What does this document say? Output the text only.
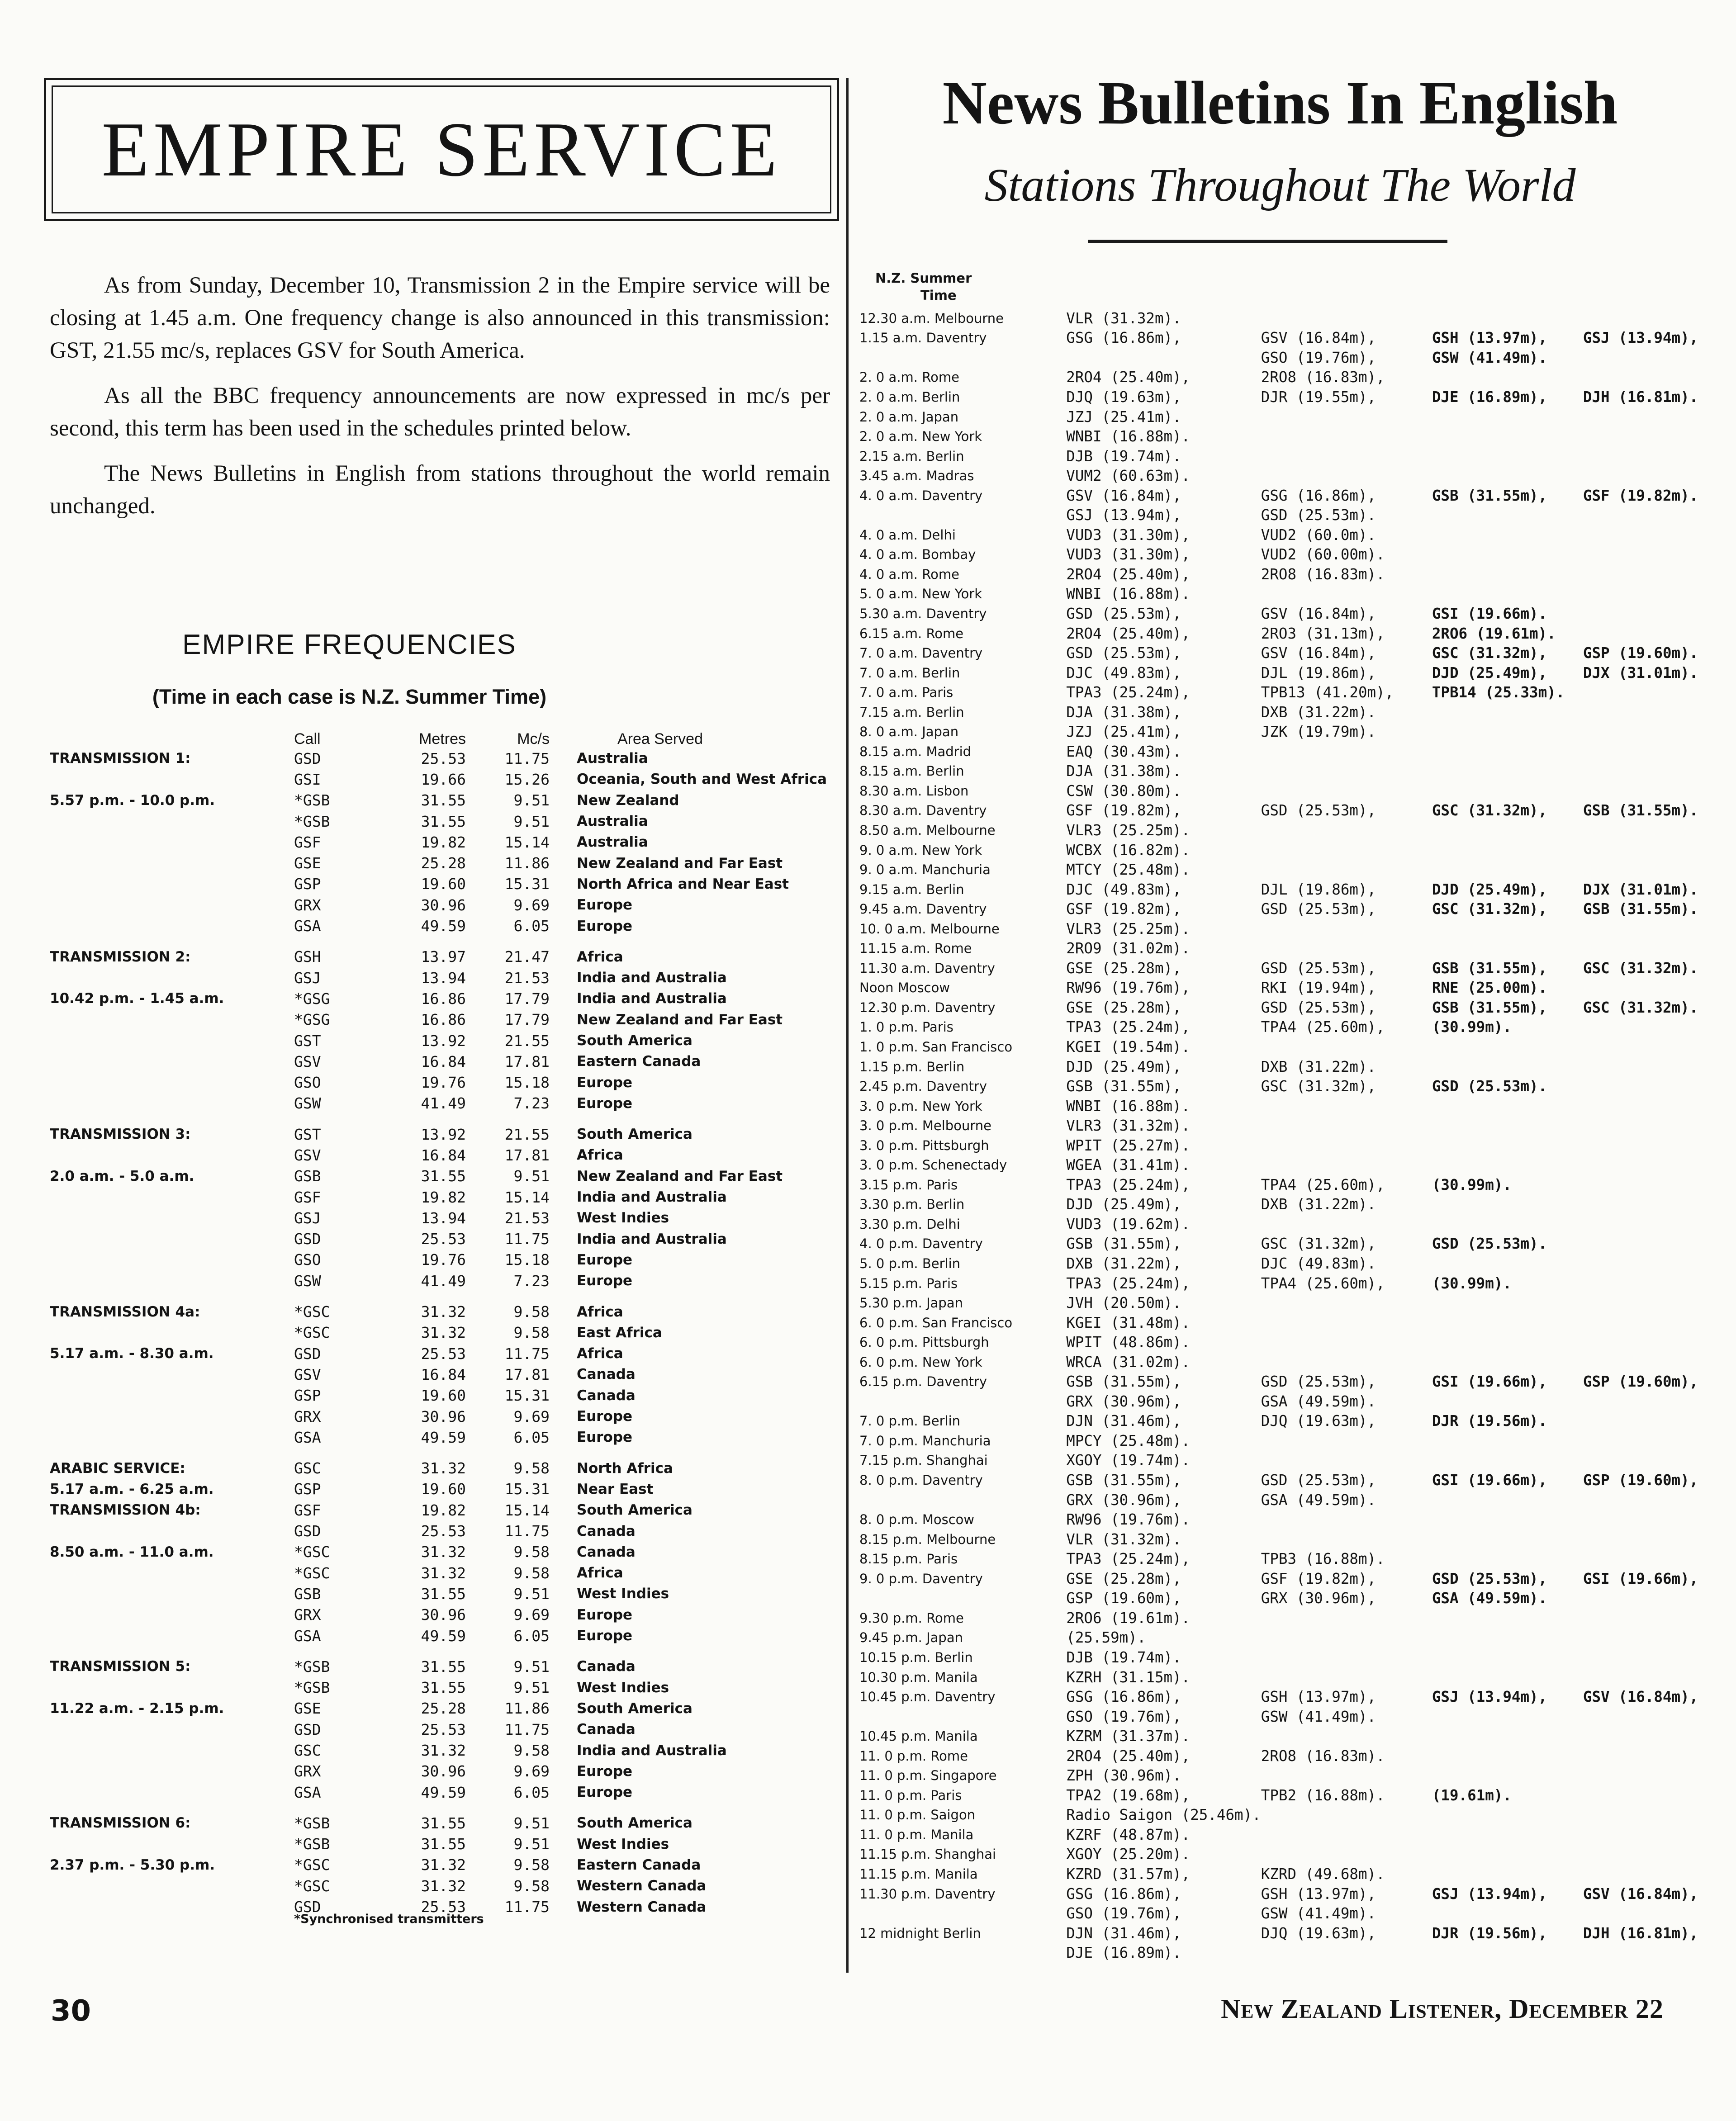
EMPIRE SERVICE

As from Sunday, December 10, Transmission 2 in the Empire service will be closing at 1.45 a.m. One frequency change is also announced in this transmission: GST, 21.55 mc/s, replaces GSV for South America.

As all the BBC frequency announcements are now expressed in mc/s per second, this term has been used in the schedules printed below.

The News Bulletins in English from stations throughout the world remain unchanged.

EMPIRE FREQUENCIES
(Time in each case is N.Z. Summer Time)
	Call	Metres	Mc/s	Area Served
TRANSMISSION 1:	GSD	25.53	11.75	Australia
	GSI	19.66	15.26	Oceania, South and West Africa
5.57 p.m. - 10.0 p.m.	*GSB	31.55	9.51	New Zealand
	*GSB	31.55	9.51	Australia
	GSF	19.82	15.14	Australia
	GSE	25.28	11.86	New Zealand and Far East
	GSP	19.60	15.31	North Africa and Near East
	GRX	30.96	9.69	Europe
	GSA	49.59	6.05	Europe
TRANSMISSION 2:	GSH	13.97	21.47	Africa
	GSJ	13.94	21.53	India and Australia
10.42 p.m. - 1.45 a.m.	*GSG	16.86	17.79	India and Australia
	*GSG	16.86	17.79	New Zealand and Far East
	GST	13.92	21.55	South America
	GSV	16.84	17.81	Eastern Canada
	GSO	19.76	15.18	Europe
	GSW	41.49	7.23	Europe
TRANSMISSION 3:	GST	13.92	21.55	South America
	GSV	16.84	17.81	Africa
2.0 a.m. - 5.0 a.m.	GSB	31.55	9.51	New Zealand and Far East
	GSF	19.82	15.14	India and Australia
	GSJ	13.94	21.53	West Indies
	GSD	25.53	11.75	India and Australia
	GSO	19.76	15.18	Europe
	GSW	41.49	7.23	Europe
TRANSMISSION 4a:	*GSC	31.32	9.58	Africa
	*GSC	31.32	9.58	East Africa
5.17 a.m. - 8.30 a.m.	GSD	25.53	11.75	Africa
	GSV	16.84	17.81	Canada
	GSP	19.60	15.31	Canada
	GRX	30.96	9.69	Europe
	GSA	49.59	6.05	Europe
ARABIC SERVICE:	GSC	31.32	9.58	North Africa
5.17 a.m. - 6.25 a.m.	GSP	19.60	15.31	Near East
TRANSMISSION 4b:	GSF	19.82	15.14	South America
	GSD	25.53	11.75	Canada
8.50 a.m. - 11.0 a.m.	*GSC	31.32	9.58	Canada
	*GSC	31.32	9.58	Africa
	GSB	31.55	9.51	West Indies
	GRX	30.96	9.69	Europe
	GSA	49.59	6.05	Europe
TRANSMISSION 5:	*GSB	31.55	9.51	Canada
	*GSB	31.55	9.51	West Indies
11.22 a.m. - 2.15 p.m.	GSE	25.28	11.86	South America
	GSD	25.53	11.75	Canada
	GSC	31.32	9.58	India and Australia
	GRX	30.96	9.69	Europe
	GSA	49.59	6.05	Europe
TRANSMISSION 6:	*GSB	31.55	9.51	South America
	*GSB	31.55	9.51	West Indies
2.37 p.m. - 5.30 p.m.	*GSC	31.32	9.58	Eastern Canada
	*GSC	31.32	9.58	Western Canada
	GSD	25.53	11.75	Western Canada
*Synchronised transmitters
News Bulletins In English
Stations Throughout The World
N.Z. Summer
Time
12.30 a.m. Melbourne	VLR (31.32m).			
1.15 a.m. Daventry	GSG (16.86m),	GSV (16.84m),	GSH (13.97m),	GSJ (13.94m),
		GSO (19.76m),	GSW (41.49m).	
2. 0 a.m. Rome	2RO4 (25.40m),	2RO8 (16.83m),		
2. 0 a.m. Berlin	DJQ (19.63m),	DJR (19.55m),	DJE (16.89m),	DJH (16.81m).
2. 0 a.m. Japan	JZJ (25.41m).			
2. 0 a.m. New York	WNBI (16.88m).			
2.15 a.m. Berlin	DJB (19.74m).			
3.45 a.m. Madras	VUM2 (60.63m).			
4. 0 a.m. Daventry	GSV (16.84m),	GSG (16.86m),	GSB (31.55m),	GSF (19.82m).
	GSJ (13.94m),	GSD (25.53m).		
4. 0 a.m. Delhi	VUD3 (31.30m),	VUD2 (60.0m).		
4. 0 a.m. Bombay	VUD3 (31.30m),	VUD2 (60.00m).		
4. 0 a.m. Rome	2RO4 (25.40m),	2RO8 (16.83m).		
5. 0 a.m. New York	WNBI (16.88m).			
5.30 a.m. Daventry	GSD (25.53m),	GSV (16.84m),	GSI (19.66m).	
6.15 a.m. Rome	2RO4 (25.40m),	2RO3 (31.13m),	2RO6 (19.61m).	
7. 0 a.m. Daventry	GSD (25.53m),	GSV (16.84m),	GSC (31.32m),	GSP (19.60m).
7. 0 a.m. Berlin	DJC (49.83m),	DJL (19.86m),	DJD (25.49m),	DJX (31.01m).
7. 0 a.m. Paris	TPA3 (25.24m),	TPB13 (41.20m),	TPB14 (25.33m).	
7.15 a.m. Berlin	DJA (31.38m),	DXB (31.22m).		
8. 0 a.m. Japan	JZJ (25.41m),	JZK (19.79m).		
8.15 a.m. Madrid	EAQ (30.43m).			
8.15 a.m. Berlin	DJA (31.38m).			
8.30 a.m. Lisbon	CSW (30.80m).			
8.30 a.m. Daventry	GSF (19.82m),	GSD (25.53m),	GSC (31.32m),	GSB (31.55m).
8.50 a.m. Melbourne	VLR3 (25.25m).			
9. 0 a.m. New York	WCBX (16.82m).			
9. 0 a.m. Manchuria	MTCY (25.48m).			
9.15 a.m. Berlin	DJC (49.83m),	DJL (19.86m),	DJD (25.49m),	DJX (31.01m).
9.45 a.m. Daventry	GSF (19.82m),	GSD (25.53m),	GSC (31.32m),	GSB (31.55m).
10. 0 a.m. Melbourne	VLR3 (25.25m).			
11.15 a.m. Rome	2RO9 (31.02m).			
11.30 a.m. Daventry	GSE (25.28m),	GSD (25.53m),	GSB (31.55m),	GSC (31.32m).
Noon Moscow	RW96 (19.76m),	RKI (19.94m),	RNE (25.00m).	
12.30 p.m. Daventry	GSE (25.28m),	GSD (25.53m),	GSB (31.55m),	GSC (31.32m).
1. 0 p.m. Paris	TPA3 (25.24m),	TPA4 (25.60m),	(30.99m).	
1. 0 p.m. San Francisco	KGEI (19.54m).			
1.15 p.m. Berlin	DJD (25.49m),	DXB (31.22m).		
2.45 p.m. Daventry	GSB (31.55m),	GSC (31.32m),	GSD (25.53m).	
3. 0 p.m. New York	WNBI (16.88m).			
3. 0 p.m. Melbourne	VLR3 (31.32m).			
3. 0 p.m. Pittsburgh	WPIT (25.27m).			
3. 0 p.m. Schenectady	WGEA (31.41m).			
3.15 p.m. Paris	TPA3 (25.24m),	TPA4 (25.60m),	(30.99m).	
3.30 p.m. Berlin	DJD (25.49m),	DXB (31.22m).		
3.30 p.m. Delhi	VUD3 (19.62m).			
4. 0 p.m. Daventry	GSB (31.55m),	GSC (31.32m),	GSD (25.53m).	
5. 0 p.m. Berlin	DXB (31.22m),	DJC (49.83m).		
5.15 p.m. Paris	TPA3 (25.24m),	TPA4 (25.60m),	(30.99m).	
5.30 p.m. Japan	JVH (20.50m).			
6. 0 p.m. San Francisco	KGEI (31.48m).			
6. 0 p.m. Pittsburgh	WPIT (48.86m).			
6. 0 p.m. New York	WRCA (31.02m).			
6.15 p.m. Daventry	GSB (31.55m),	GSD (25.53m),	GSI (19.66m),	GSP (19.60m),
	GRX (30.96m),	GSA (49.59m).		
7. 0 p.m. Berlin	DJN (31.46m),	DJQ (19.63m),	DJR (19.56m).	
7. 0 p.m. Manchuria	MPCY (25.48m).			
7.15 p.m. Shanghai	XGOY (19.74m).			
8. 0 p.m. Daventry	GSB (31.55m),	GSD (25.53m),	GSI (19.66m),	GSP (19.60m),
	GRX (30.96m),	GSA (49.59m).		
8. 0 p.m. Moscow	RW96 (19.76m).			
8.15 p.m. Melbourne	VLR (31.32m).			
8.15 p.m. Paris	TPA3 (25.24m),	TPB3 (16.88m).		
9. 0 p.m. Daventry	GSE (25.28m),	GSF (19.82m),	GSD (25.53m),	GSI (19.66m),
	GSP (19.60m),	GRX (30.96m),	GSA (49.59m).	
9.30 p.m. Rome	2RO6 (19.61m).			
9.45 p.m. Japan	(25.59m).			
10.15 p.m. Berlin	DJB (19.74m).			
10.30 p.m. Manila	KZRH (31.15m).			
10.45 p.m. Daventry	GSG (16.86m),	GSH (13.97m),	GSJ (13.94m),	GSV (16.84m),
	GSO (19.76m),	GSW (41.49m).		
10.45 p.m. Manila	KZRM (31.37m).			
11. 0 p.m. Rome	2RO4 (25.40m),	2RO8 (16.83m).		
11. 0 p.m. Singapore	ZPH (30.96m).			
11. 0 p.m. Paris	TPA2 (19.68m),	TPB2 (16.88m).	(19.61m).	
11. 0 p.m. Saigon	Radio Saigon (25.46m).			
11. 0 p.m. Manila	KZRF (48.87m).			
11.15 p.m. Shanghai	XGOY (25.20m).			
11.15 p.m. Manila	KZRD (31.57m),	KZRD (49.68m).		
11.30 p.m. Daventry	GSG (16.86m),	GSH (13.97m),	GSJ (13.94m),	GSV (16.84m),
	GSO (19.76m),	GSW (41.49m).		
12 midnight Berlin	DJN (31.46m),	DJQ (19.63m),	DJR (19.56m),	DJH (16.81m),
	DJE (16.89m).			
30	New Zealand Listener, December 22
